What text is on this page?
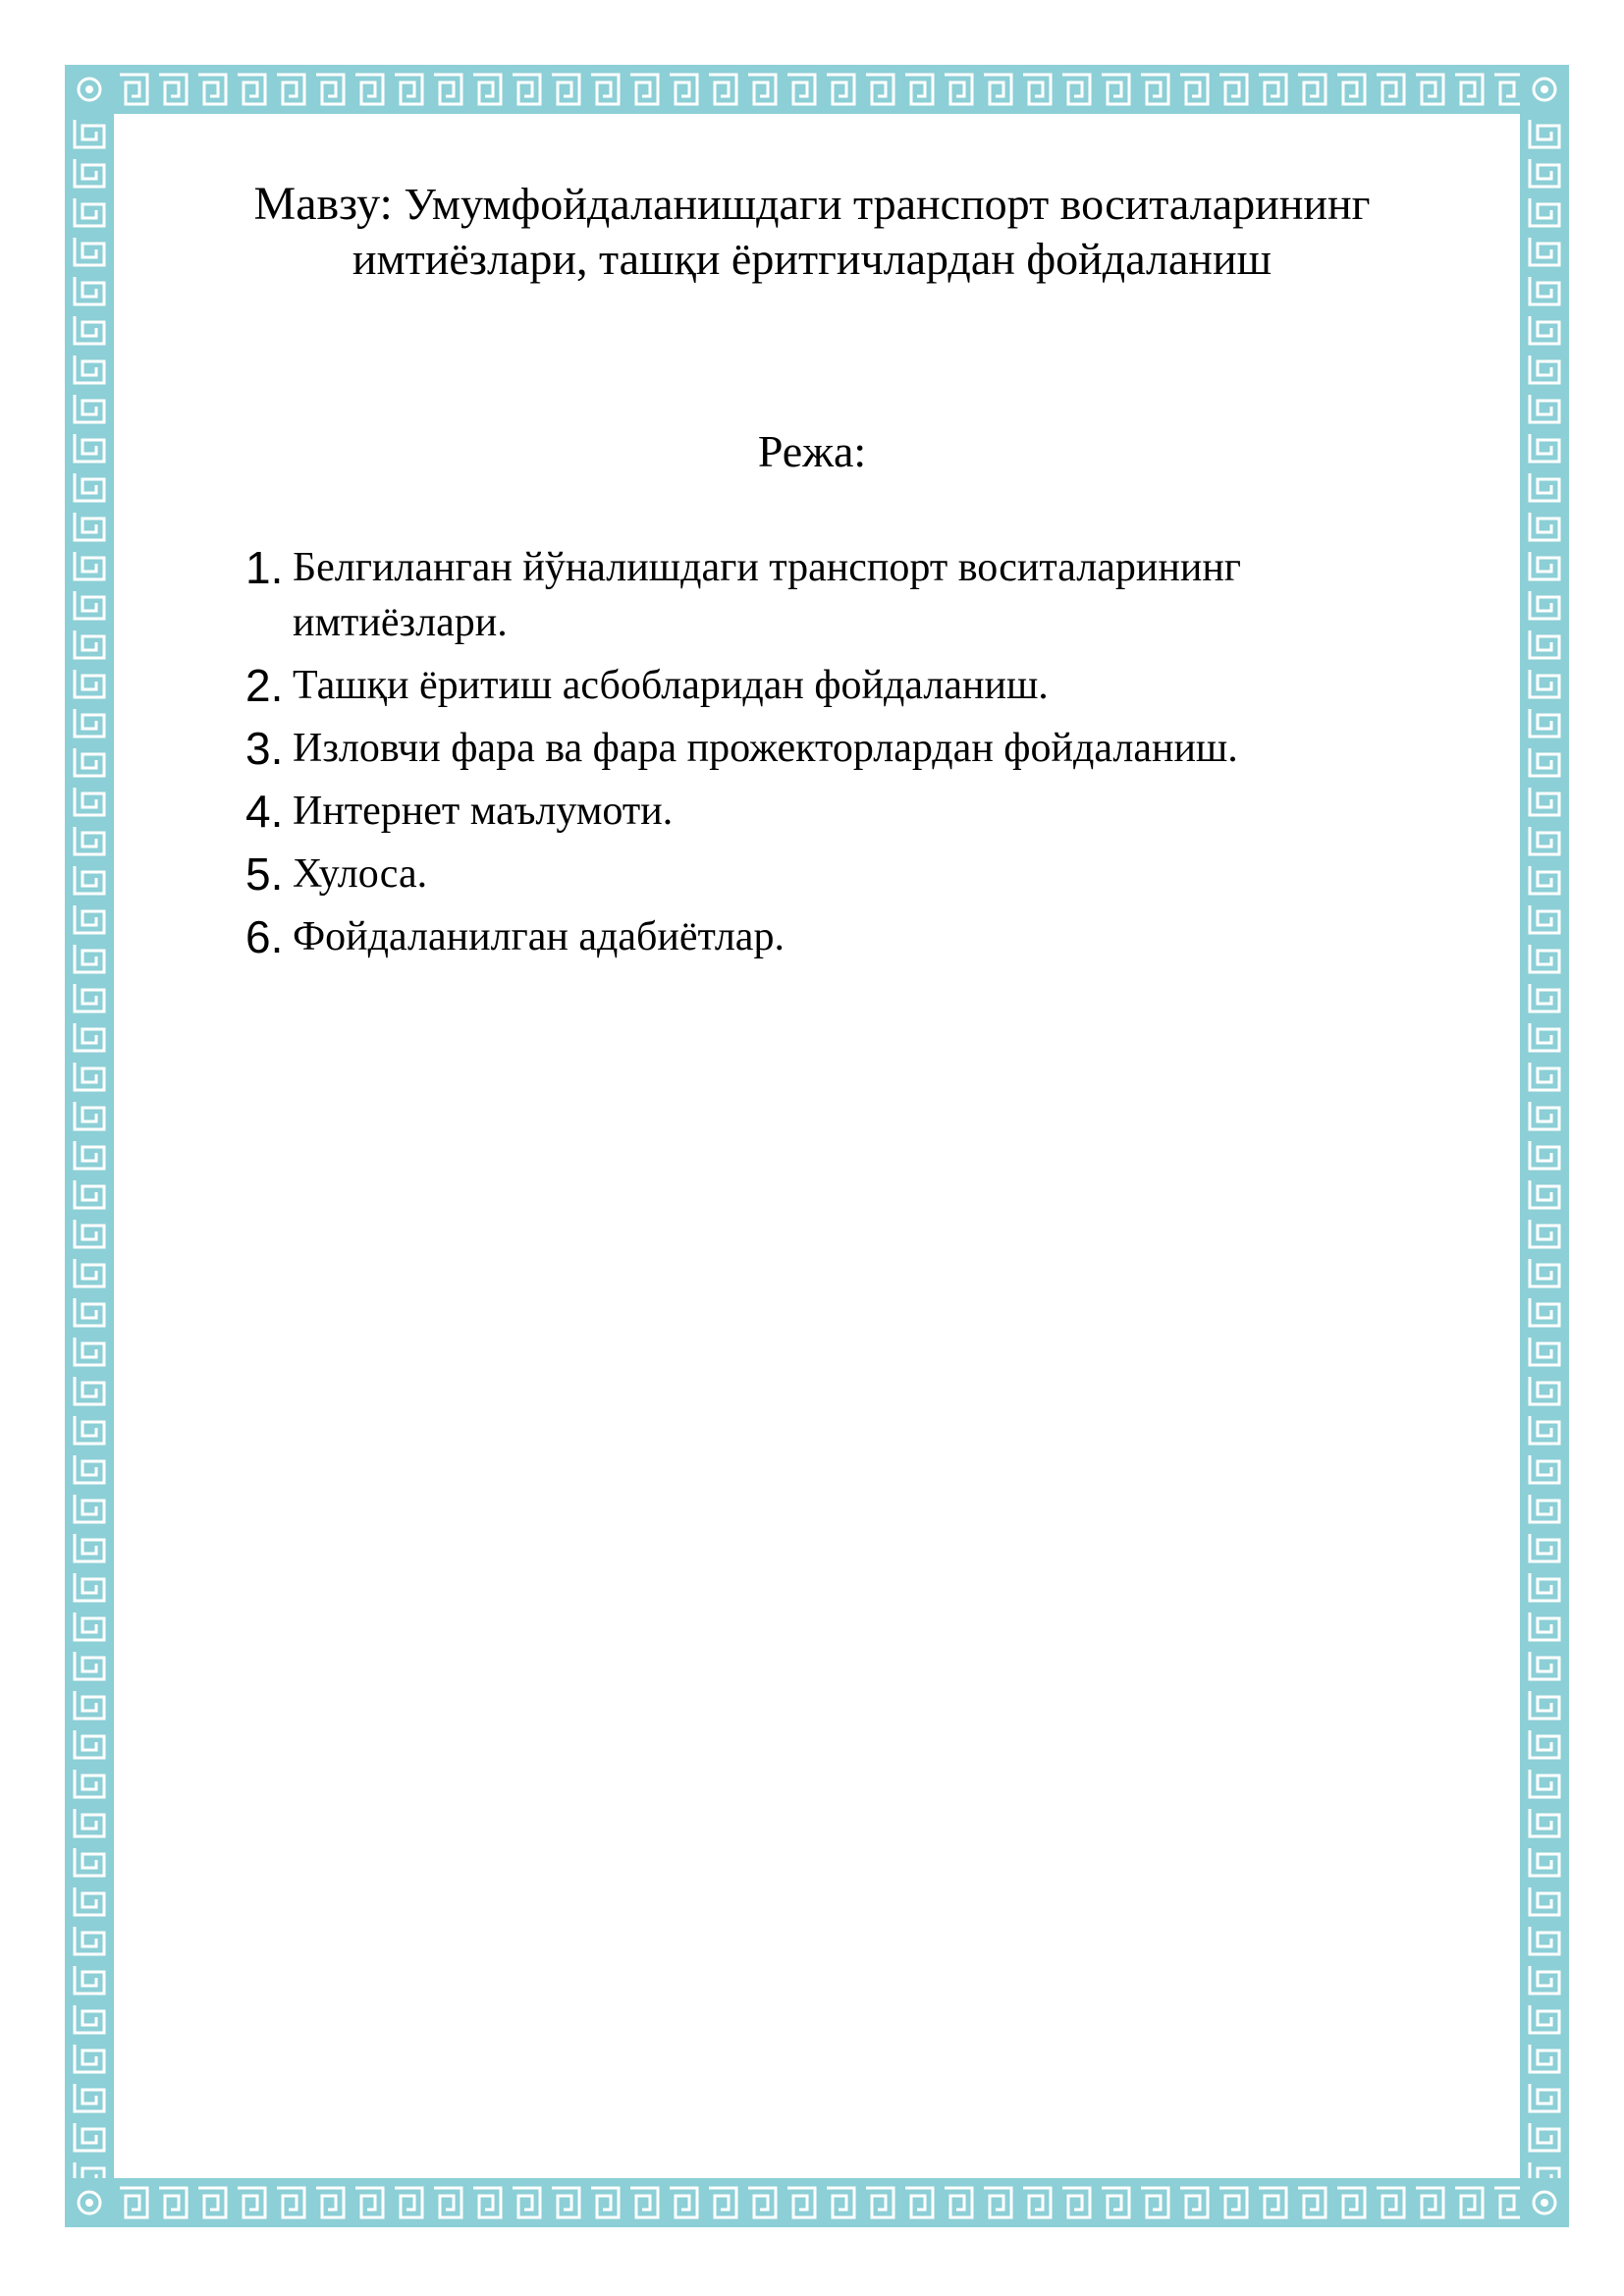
Мавзу: Умумфойдаланишдаги транспорт воситаларининг имтиёзлари, ташқи ёритгичлардан фойдаланиш
Режа:
1. Белгиланган йўналишдаги транспорт воситаларининг имтиёзлари.
2. Ташқи ёритиш асбобларидан фойдаланиш.
3. Изловчи фара ва фара прожекторлардан фойдаланиш.
4. Интернет маълумоти.
5. Хулоса.
6. Фойдаланилган адабиётлар.
